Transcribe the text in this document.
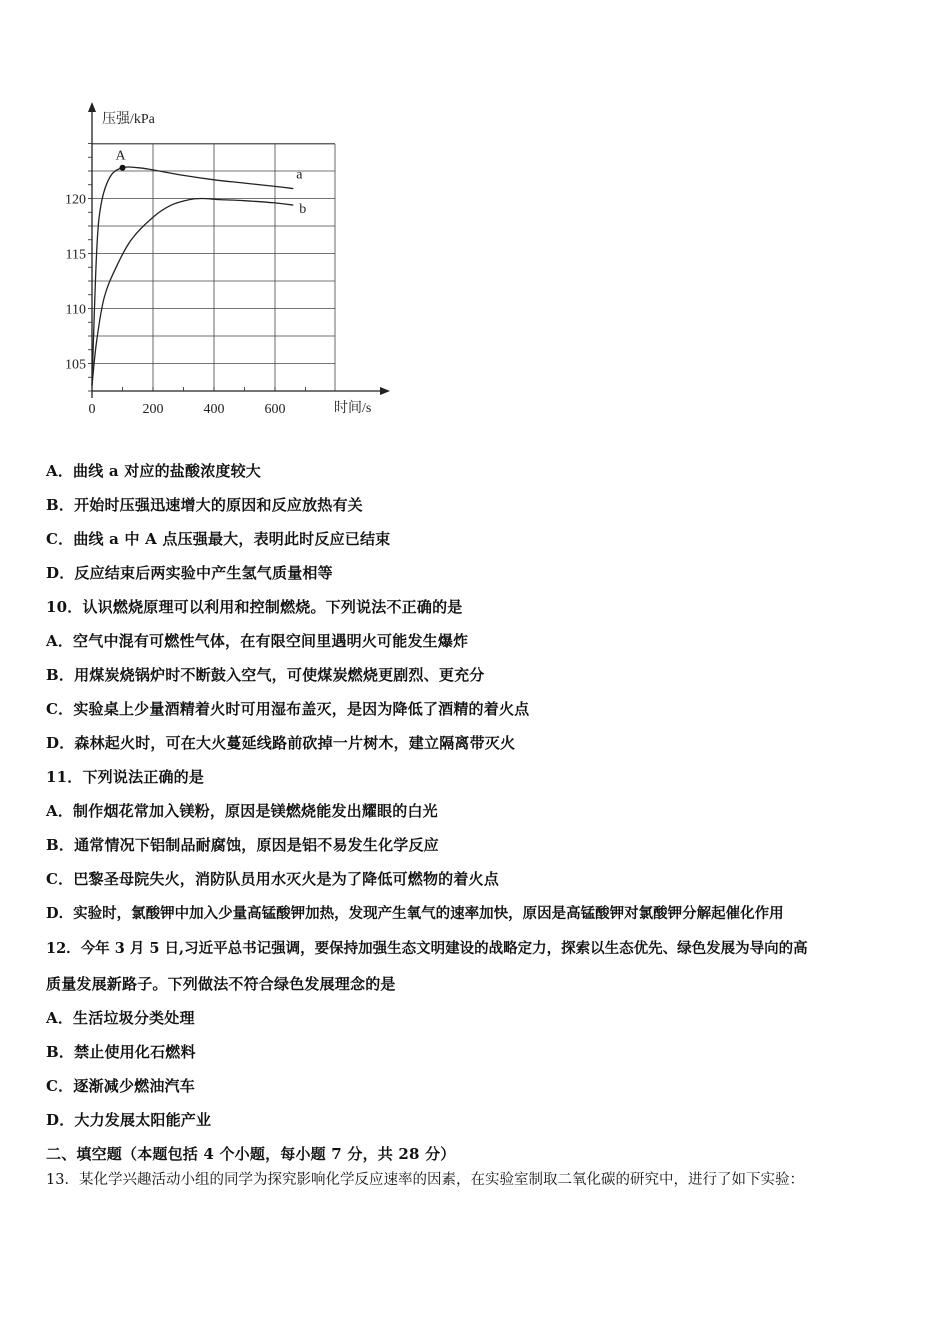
压强/kPa
时间/s
105
110
115
120
0	200	400	600
A
a
b
A．曲线 a 对应的盐酸浓度较大
B．开始时压强迅速增大的原因和反应放热有关
C．曲线 a 中 A 点压强最大，表明此时反应已结束
D．反应结束后两实验中产生氢气质量相等
10．认识燃烧原理可以利用和控制燃烧。下列说法不正确的是
A．空气中混有可燃性气体，在有限空间里遇明火可能发生爆炸
B．用煤炭烧锅炉时不断鼓入空气，可使煤炭燃烧更剧烈、更充分
C．实验桌上少量酒精着火时可用湿布盖灭，是因为降低了酒精的着火点
D．森林起火时，可在大火蔓延线路前砍掉一片树木，建立隔离带灭火
11．下列说法正确的是
A．制作烟花常加入镁粉，原因是镁燃烧能发出耀眼的白光
B．通常情况下铝制品耐腐蚀，原因是铝不易发生化学反应
C．巴黎圣母院失火，消防队员用水灭火是为了降低可燃物的着火点
D．实验时，氯酸钾中加入少量高锰酸钾加热，发现产生氧气的速率加快，原因是高锰酸钾对氯酸钾分解起催化作用
12．今年 3 月 5 日,习近平总书记强调，要保持加强生态文明建设的战略定力，探索以生态优先、绿色发展为导向的高
质量发展新路子。下列做法不符合绿色发展理念的是
A．生活垃圾分类处理
B．禁止使用化石燃料
C．逐渐减少燃油汽车
D．大力发展太阳能产业
二、填空题（本题包括 4 个小题，每小题 7 分，共 28 分）
13．某化学兴趣活动小组的同学为探究影响化学反应速率的因素，在实验室制取二氧化碳的研究中，进行了如下实验：
